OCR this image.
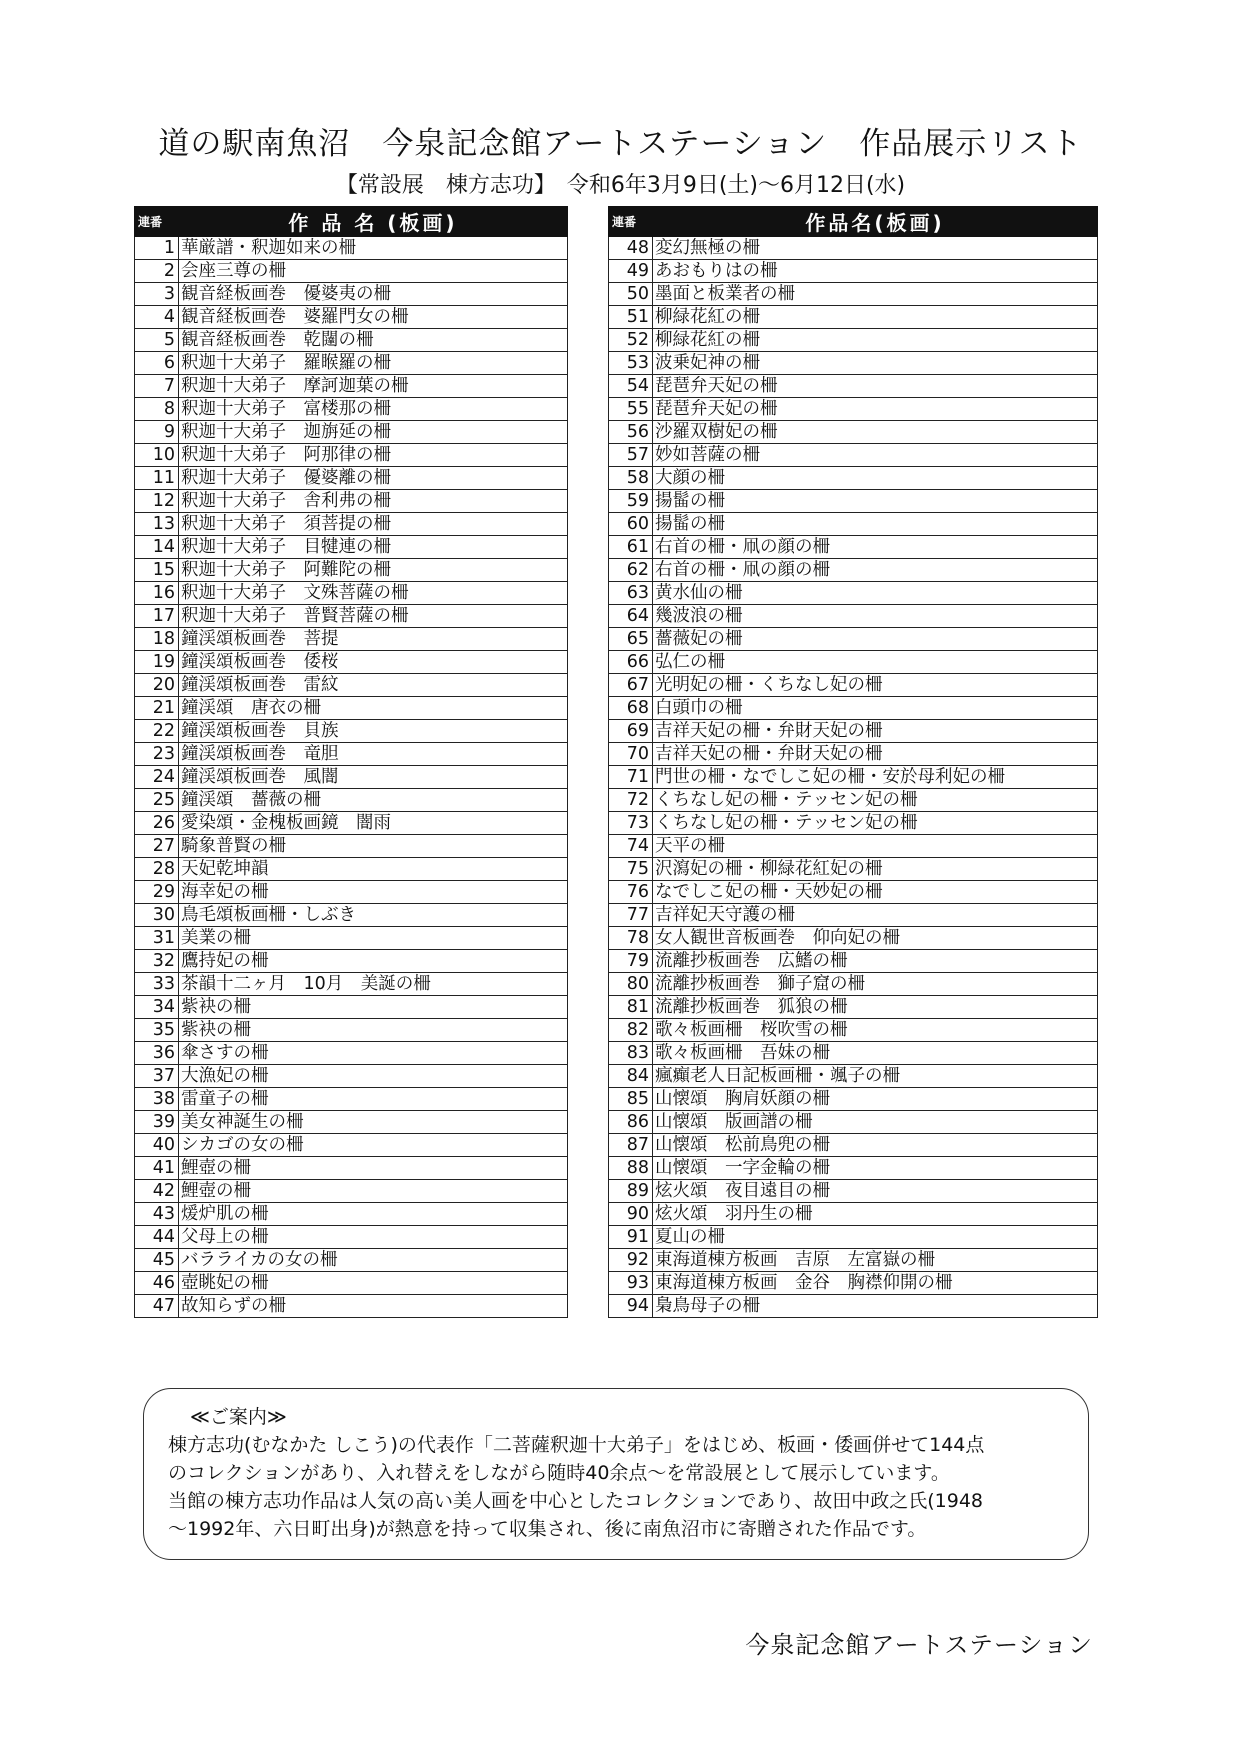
道の駅南魚沼　今泉記念館アートステーション　作品展示リスト
【常設展　棟方志功】　令和6年3月9日(土)～6月12日(水)
連番	作 品 名 (板画)
1	華厳譜・釈迦如来の柵
2	会座三尊の柵
3	観音経板画巻　優婆夷の柵
4	観音経板画巻　婆羅門女の柵
5	観音経板画巻　乾闥の柵
6	釈迦十大弟子　羅睺羅の柵
7	釈迦十大弟子　摩訶迦葉の柵
8	釈迦十大弟子　富楼那の柵
9	釈迦十大弟子　迦旃延の柵
10	釈迦十大弟子　阿那律の柵
11	釈迦十大弟子　優婆離の柵
12	釈迦十大弟子　舎利弗の柵
13	釈迦十大弟子　須菩提の柵
14	釈迦十大弟子　目犍連の柵
15	釈迦十大弟子　阿難陀の柵
16	釈迦十大弟子　文殊菩薩の柵
17	釈迦十大弟子　普賢菩薩の柵
18	鐘渓頌板画巻　菩提
19	鐘渓頌板画巻　倭桜
20	鐘渓頌板画巻　雷紋
21	鐘渓頌　唐衣の柵
22	鐘渓頌板画巻　貝族
23	鐘渓頌板画巻　竜胆
24	鐘渓頌板画巻　風闇
25	鐘渓頌　薔薇の柵
26	愛染頌・金槐板画鏡　闇雨
27	騎象普賢の柵
28	天妃乾坤韻
29	海幸妃の柵
30	鳥毛頌板画柵・しぶき
31	美業の柵
32	鷹持妃の柵
33	茶韻十二ヶ月　10月　美誕の柵
34	紫袂の柵
35	紫袂の柵
36	傘さすの柵
37	大漁妃の柵
38	雷童子の柵
39	美女神誕生の柵
40	シカゴの女の柵
41	鯉壺の柵
42	鯉壺の柵
43	煖炉肌の柵
44	父母上の柵
45	バラライカの女の柵
46	壺眺妃の柵
47	故知らずの柵
連番	作品名(板画)
48	変幻無極の柵
49	あおもりはの柵
50	墨面と板業者の柵
51	柳緑花紅の柵
52	柳緑花紅の柵
53	波乗妃神の柵
54	琵琶弁天妃の柵
55	琵琶弁天妃の柵
56	沙羅双樹妃の柵
57	妙如菩薩の柵
58	大顔の柵
59	揚髷の柵
60	揚髷の柵
61	右首の柵・凧の顔の柵
62	右首の柵・凧の顔の柵
63	黄水仙の柵
64	幾波浪の柵
65	薔薇妃の柵
66	弘仁の柵
67	光明妃の柵・くちなし妃の柵
68	白頭巾の柵
69	吉祥天妃の柵・弁財天妃の柵
70	吉祥天妃の柵・弁財天妃の柵
71	門世の柵・なでしこ妃の柵・安於母利妃の柵
72	くちなし妃の柵・テッセン妃の柵
73	くちなし妃の柵・テッセン妃の柵
74	天平の柵
75	沢瀉妃の柵・柳緑花紅妃の柵
76	なでしこ妃の柵・天妙妃の柵
77	吉祥妃天守護の柵
78	女人観世音板画巻　仰向妃の柵
79	流離抄板画巻　広鰭の柵
80	流離抄板画巻　獅子窟の柵
81	流離抄板画巻　狐狼の柵
82	歌々板画柵　桜吹雪の柵
83	歌々板画柵　吾妹の柵
84	瘋癲老人日記板画柵・颯子の柵
85	山懐頌　胸肩妖顔の柵
86	山懐頌　版画譜の柵
87	山懐頌　松前鳥兜の柵
88	山懐頌　一字金輪の柵
89	炫火頌　夜目遠目の柵
90	炫火頌　羽丹生の柵
91	夏山の柵
92	東海道棟方板画　吉原　左富嶽の柵
93	東海道棟方板画　金谷　胸襟仰開の柵
94	梟鳥母子の柵
≪ご案内≫

棟方志功(むなかた しこう)の代表作「二菩薩釈迦十大弟子」をはじめ、板画・倭画併せて144点

のコレクションがあり、入れ替えをしながら随時40余点～を常設展として展示しています。

当館の棟方志功作品は人気の高い美人画を中心としたコレクションであり、故田中政之氏(1948

～1992年、六日町出身)が熱意を持って収集され、後に南魚沼市に寄贈された作品です。

今泉記念館アートステーション
